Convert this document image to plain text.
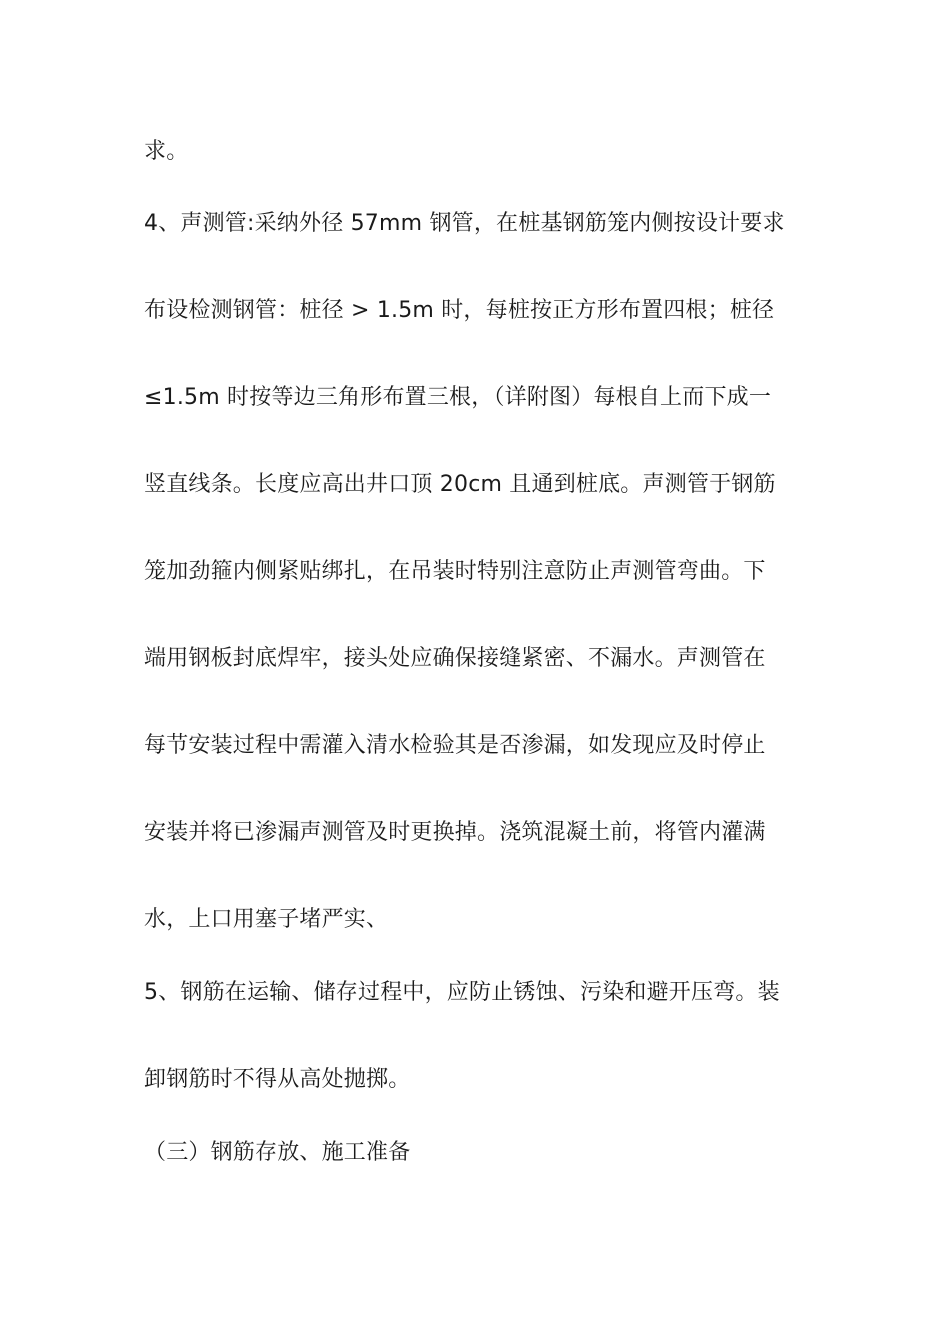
求。
4、声测管:采纳外径 57mm 钢管，在桩基钢筋笼内侧按设计要求
布设检测钢管：桩径 > 1.5m 时，每桩按正方形布置四根；桩径
≤1.5m 时按等边三角形布置三根，（详附图）每根自上而下成一
竖直线条。长度应高出井口顶 20cm 且通到桩底。声测管于钢筋
笼加劲箍内侧紧贴绑扎，在吊装时特别注意防止声测管弯曲。下
端用钢板封底焊牢，接头处应确保接缝紧密、不漏水。声测管在
每节安装过程中需灌入清水检验其是否渗漏，如发现应及时停止
安装并将已渗漏声测管及时更换掉。浇筑混凝土前，将管内灌满
水，上口用塞子堵严实、
5、钢筋在运输、储存过程中，应防止锈蚀、污染和避开压弯。装
卸钢筋时不得从高处抛掷。
（三）钢筋存放、施工准备
